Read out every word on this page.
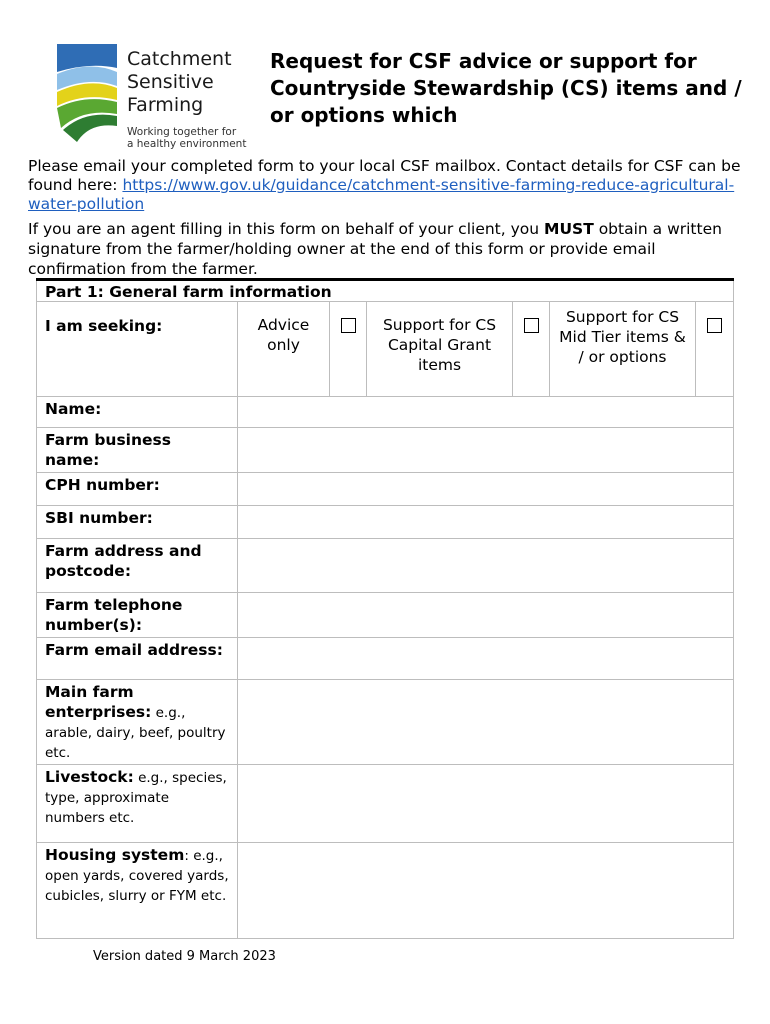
Catchment
Sensitive
Farming
Working together for
a healthy environment
Request for CSF advice or support for Countryside Stewardship (CS) items and / or options which

Please email your completed form to your local CSF mailbox. Contact details for CSF can be found here: https://www.gov.uk/guidance/catchment-sensitive-farming-reduce-agricultural-water-pollution

If you are an agent filling in this form on behalf of your client, you MUST obtain a written signature from the farmer/holding owner at the end of this form or provide email confirmation from the farmer.

Part 1: General farm information						
I am seeking:	Advice only		Support for CS Capital Grant items		Support for CS Mid Tier items & / or options	
Name:						
Farm business name:						
CPH number:						
SBI number:						
Farm address and postcode:						
Farm telephone number(s):						
Farm email address:						
Main farm enterprises: e.g., arable, dairy, beef, poultry etc.						
Livestock: e.g., species, type, approximate numbers etc.						
Housing system: e.g., open yards, covered yards, cubicles, slurry or FYM etc.						
Version dated 9 March 2023
